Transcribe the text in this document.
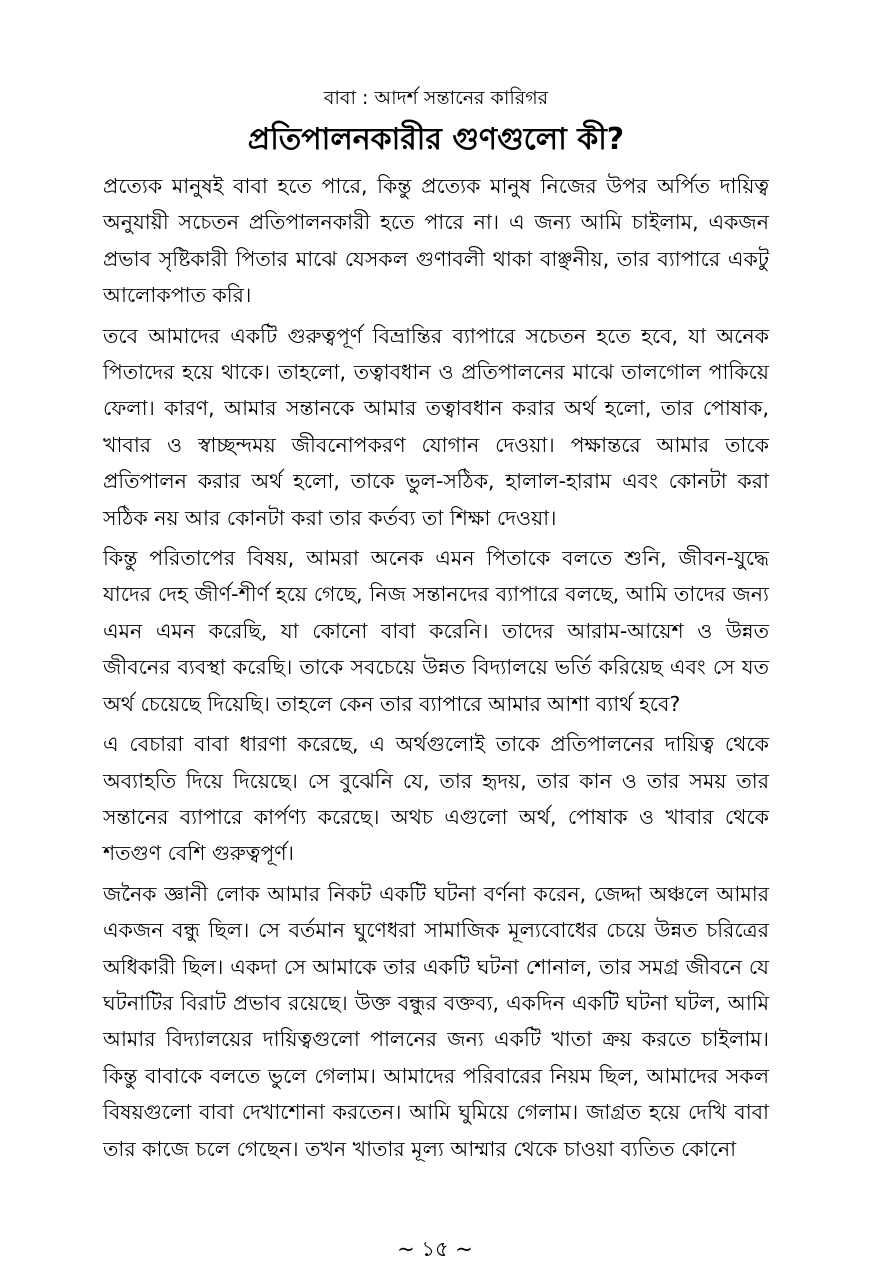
বাবা : আদর্শ সন্তানের কারিগর
প্রতিপালনকারীর গুণগুলো কী?

প্রত্যেক মানুষই বাবা হতে পারে, কিন্তু প্রত্যেক মানুষ নিজের উপর অর্পিত দায়িত্ব অনুযায়ী সচেতন প্রতিপালনকারী হতে পারে না। এ জন্য আমি চাইলাম, একজন প্রভাব সৃষ্টিকারী পিতার মাঝে যেসকল গুণাবলী থাকা বাঞ্ছনীয়, তার ব্যাপারে একটু আলোকপাত করি।

তবে আমাদের একটি গুরুত্বপূর্ণ বিভ্রান্তির ব্যাপারে সচেতন হতে হবে, যা অনেক পিতাদের হয়ে থাকে। তাহলো, তত্বাবধান ও প্রতিপালনের মাঝে তালগোল পাকিয়ে ফেলা। কারণ, আমার সন্তানকে আমার তত্বাবধান করার অর্থ হলো, তার পোষাক, খাবার ও স্বাচ্ছন্দময় জীবনোপকরণ যোগান দেওয়া। পক্ষান্তরে আমার তাকে প্রতিপালন করার অর্থ হলো, তাকে ভুল-সঠিক, হালাল-হারাম এবং কোনটা করা সঠিক নয় আর কোনটা করা তার কর্তব্য তা শিক্ষা দেওয়া।

কিন্তু পরিতাপের বিষয়, আমরা অনেক এমন পিতাকে বলতে শুনি, জীবন-যুদ্ধে যাদের দেহ জীর্ণ-শীর্ণ হয়ে গেছে, নিজ সন্তানদের ব্যাপারে বলছে, আমি তাদের জন্য এমন এমন করেছি, যা কোনো বাবা করেনি। তাদের আরাম-আয়েশ ও উন্নত জীবনের ব্যবস্থা করেছি। তাকে সবচেয়ে উন্নত বিদ্যালয়ে ভর্তি করিয়েছ এবং সে যত অর্থ চেয়েছে দিয়েছি। তাহলে কেন তার ব্যাপারে আমার আশা ব্যার্থ হবে?

এ বেচারা বাবা ধারণা করেছে, এ অর্থগুলোই তাকে প্রতিপালনের দায়িত্ব থেকে অব্যাহতি দিয়ে দিয়েছে। সে বুঝেনি যে, তার হৃদয়, তার কান ও তার সময় তার সন্তানের ব্যাপারে কার্পণ্য করেছে। অথচ এগুলো অর্থ, পোষাক ও খাবার থেকে শতগুণ বেশি গুরুত্বপূর্ণ।

জনৈক জ্ঞানী লোক আমার নিকট একটি ঘটনা বর্ণনা করেন, জেদ্দা অঞ্চলে আমার একজন বন্ধু ছিল। সে বর্তমান ঘুণেধরা সামাজিক মূল্যবোধের চেয়ে উন্নত চরিত্রের অধিকারী ছিল। একদা সে আমাকে তার একটি ঘটনা শোনাল, তার সমগ্র জীবনে যে ঘটনাটির বিরাট প্রভাব রয়েছে। উক্ত বন্ধুর বক্তব্য, একদিন একটি ঘটনা ঘটল, আমি আমার বিদ্যালয়ের দায়িত্বগুলো পালনের জন্য একটি খাতা ক্রয় করতে চাইলাম। কিন্তু বাবাকে বলতে ভুলে গেলাম। আমাদের পরিবারের নিয়ম ছিল, আমাদের সকল বিষয়গুলো বাবা দেখাশোনা করতেন। আমি ঘুমিয়ে গেলাম। জাগ্রত হয়ে দেখি বাবা তার কাজে চলে গেছেন। তখন খাতার মূল্য আম্মার থেকে চাওয়া ব্যতিত কোনো

~ ১৫ ~
